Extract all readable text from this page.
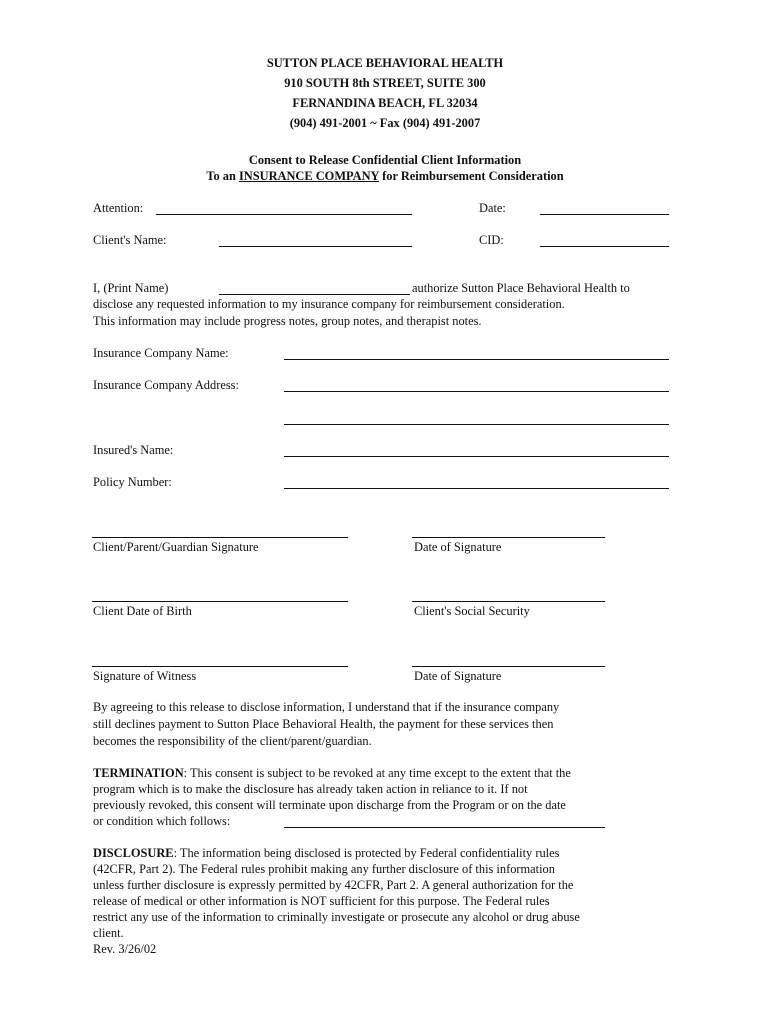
SUTTON PLACE BEHAVIORAL HEALTH
910 SOUTH 8th STREET, SUITE 300
FERNANDINA BEACH, FL 32034
(904) 491-2001 ~ Fax (904) 491-2007
Consent to Release Confidential Client Information
To an INSURANCE COMPANY for Reimbursement Consideration
Attention:	Date:
Client's Name:	CID:
I, (Print Name)	authorize Sutton Place Behavioral Health to
disclose any requested information to my insurance company for reimbursement consideration.
This information may include progress notes, group notes, and therapist notes.
Insurance Company Name:
Insurance Company Address:
Insured's Name:
Policy Number:
Client/Parent/Guardian Signature	Date of Signature
Client Date of Birth	Client's Social Security
Signature of Witness	Date of Signature
By agreeing to this release to disclose information, I understand that if the insurance company
still declines payment to Sutton Place Behavioral Health, the payment for these services then
becomes the responsibility of the client/parent/guardian.
TERMINATION: This consent is subject to be revoked at any time except to the extent that the
program which is to make the disclosure has already taken action in reliance to it. If not
previously revoked, this consent will terminate upon discharge from the Program or on the date
or condition which follows:
DISCLOSURE: The information being disclosed is protected by Federal confidentiality rules
(42CFR, Part 2). The Federal rules prohibit making any further disclosure of this information
unless further disclosure is expressly permitted by 42CFR, Part 2. A general authorization for the
release of medical or other information is NOT sufficient for this purpose. The Federal rules
restrict any use of the information to criminally investigate or prosecute any alcohol or drug abuse
client.
Rev. 3/26/02
